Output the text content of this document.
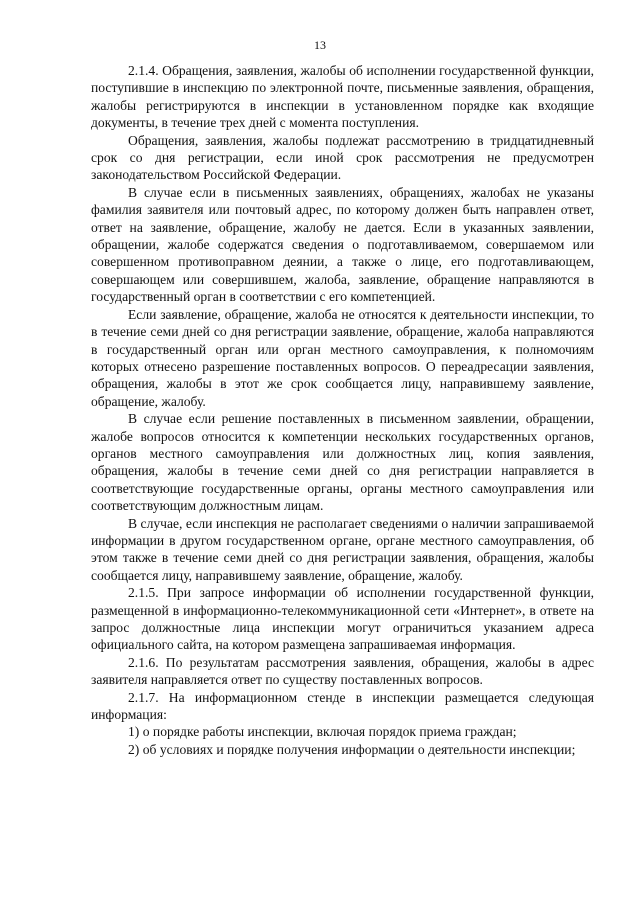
13

2.1.4. Обращения, заявления, жалобы об исполнении государственной функции, поступившие в инспекцию по электронной почте, письменные заявления, обращения, жалобы регистрируются в инспекции в установленном порядке как входящие документы, в течение трех дней с момента поступления.

Обращения, заявления, жалобы подлежат рассмотрению в тридцатидневный срок со дня регистрации, если иной срок рассмотрения не предусмотрен законодательством Российской Федерации.

В случае если в письменных заявлениях, обращениях, жалобах не указаны фамилия заявителя или почтовый адрес, по которому должен быть направлен ответ, ответ на заявление, обращение, жалобу не дается. Если в указанных заявлении, обращении, жалобе содержатся сведения о подготавливаемом, совершаемом или совершенном противоправном деянии, а также о лице, его подготавливающем, совершающем или совершившем, жалоба, заявление, обращение направляются в государственный орган в соответствии с его компетенцией.

Если заявление, обращение, жалоба не относятся к деятельности инспекции, то в течение семи дней со дня регистрации заявление, обращение, жалоба направляются в государственный орган или орган местного самоуправления, к полномочиям которых отнесено разрешение поставленных вопросов. О переадресации заявления, обращения, жалобы в этот же срок сообщается лицу, направившему заявление, обращение, жалобу.

В случае если решение поставленных в письменном заявлении, обращении, жалобе вопросов относится к компетенции нескольких государственных органов, органов местного самоуправления или должностных лиц, копия заявления, обращения, жалобы в течение семи дней со дня регистрации направляется в соответствующие государственные органы, органы местного самоуправления или соответствующим должностным лицам.

В случае, если инспекция не располагает сведениями о наличии запрашиваемой информации в другом государственном органе, органе местного самоуправления, об этом также в течение семи дней со дня регистрации заявления, обращения, жалобы сообщается лицу, направившему заявление, обращение, жалобу.

2.1.5. При запросе информации об исполнении государственной функции, размещенной в информационно-телекоммуникационной сети «Интернет», в ответе на запрос должностные лица инспекции могут ограничиться указанием адреса официального сайта, на котором размещена запрашиваемая информация.

2.1.6. По результатам рассмотрения заявления, обращения, жалобы в адрес заявителя направляется ответ по существу поставленных вопросов.

2.1.7. На информационном стенде в инспекции размещается следующая информация:

1) о порядке работы инспекции, включая порядок приема граждан;

2) об условиях и порядке получения информации о деятельности инспекции;
